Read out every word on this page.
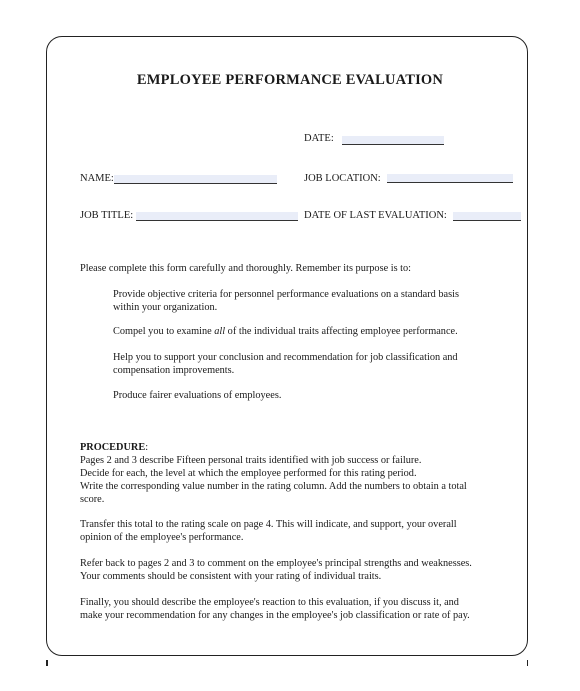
EMPLOYEE PERFORMANCE EVALUATION
DATE:
NAME:	JOB LOCATION:
JOB TITLE:	DATE OF LAST EVALUATION:
Please complete this form carefully and thoroughly. Remember its purpose is to:
Provide objective criteria for personnel performance evaluations on a standard basis
within your organization.
Compel you to examine all of the individual traits affecting employee performance.
Help you to support your conclusion and recommendation for job classification and
compensation improvements.
Produce fairer evaluations of employees.
PROCEDURE:
Pages 2 and 3 describe Fifteen personal traits identified with job success or failure.
Decide for each, the level at which the employee performed for this rating period.
Write the corresponding value number in the rating column. Add the numbers to obtain a total
score.
Transfer this total to the rating scale on page 4. This will indicate, and support, your overall
opinion of the employee's performance.
Refer back to pages 2 and 3 to comment on the employee's principal strengths and weaknesses.
Your comments should be consistent with your rating of individual traits.
Finally, you should describe the employee's reaction to this evaluation, if you discuss it, and
make your recommendation for any changes in the employee's job classification or rate of pay.
